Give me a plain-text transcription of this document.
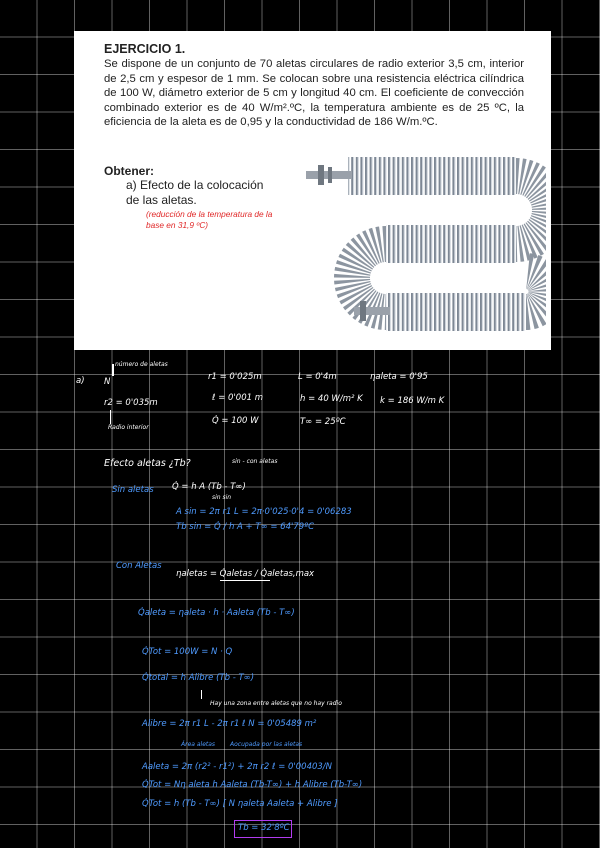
EJERCICIO 1.
Se dispone de un conjunto de 70 aletas circulares de radio exterior 3,5 cm, interior de 2,5 cm y espesor de 1 mm. Se colocan sobre una resistencia eléctrica cilíndrica de 100 W, diámetro exterior de 5 cm y longitud 40 cm. El coeficiente de convección combinado exterior es de 40 W/m².ºC, la temperatura ambiente es de 25 ºC, la eficiencia de la aleta es de 0,95 y la conductividad de 186 W/m.ºC.
Obtener:
a) Efecto de la colocación de las aletas.
(reducción de la temperatura de la base en 31,9 ºC)
a)
número de aletas
N	r1 = 0'025m	L = 0'4m	ηaleta = 0'95
r2 = 0'035m	ℓ = 0'001 m	h = 40 W/m² K k = 186 W/m K
Radio interior
Q̇ = 100 W	T∞ = 25ºC
Efecto aletas ¿Tb?	sin - con aletas
Sin aletas Q̇ = h A (Tb - T∞)
sin sin
A sin = 2π r1 L = 2π·0'025·0'4 = 0'06283
Tb sin = Q̇ / h A + T∞ = 64'79ºC
Con Aletas
ηaletas = Q̇aletas / Q̇aletas,max
Q̇aleta = ηaleta · h · Aaleta (Tb - T∞)
Q̇Tot = 100W = N · Q
Q̇total = h Alibre (Tb - T∞)
Hay una zona entre aletas que no hay radio
Alibre = 2π r1 L - 2π r1 ℓ N = 0'05489 m²
Área aletas Aocupada por las aletas
Aaleta = 2π (r2² - r1²) + 2π r2 ℓ = 0'00403/N
Q̇Tot = Nη aleta h Aaleta (Tb-T∞) + h Alibre (Tb-T∞)
Q̇Tot = h (Tb - T∞) [ N ηaleta Aaleta + Alibre ]
Tb = 32'8ºC
